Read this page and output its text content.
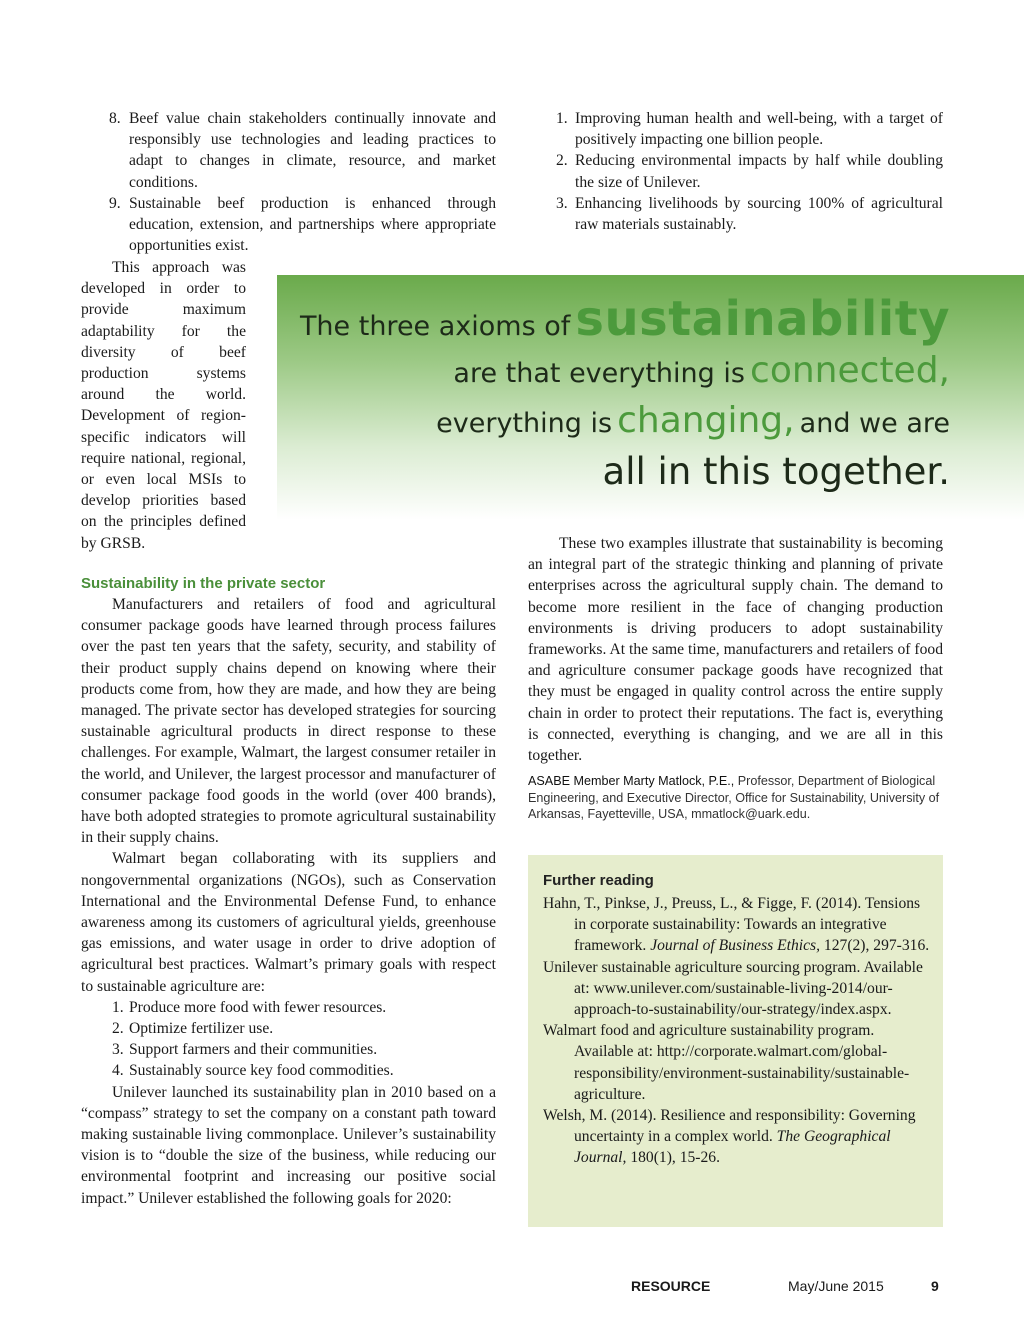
8. Beef value chain stakeholders continually innovate and responsibly use technologies and leading practices to adapt to changes in climate, resource, and market conditions.
9. Sustainable beef production is enhanced through education, extension, and partnerships where appropriate opportunities exist.

This approach was developed in order to provide maximum adaptability for the diversity of beef production systems around the world. Development of region-specific indicators will require national, regional, or even local MSIs to develop priorities based on the principles defined by GRSB.

Sustainability in the private sector

Manufacturers and retailers of food and agricultural consumer package goods have learned through process failures over the past ten years that the safety, security, and stability of their product supply chains depend on knowing where their products come from, how they are made, and how they are being managed. The private sector has developed strategies for sourcing sustainable agricultural products in direct response to these challenges. For example, Walmart, the largest consumer retailer in the world, and Unilever, the largest processor and manufacturer of consumer package food goods in the world (over 400 brands), have both adopted strategies to promote agricultural sustainability in their supply chains.

Walmart began collaborating with its suppliers and nongovernmental organizations (NGOs), such as Conservation International and the Environmental Defense Fund, to enhance awareness among its customers of agricultural yields, greenhouse gas emissions, and water usage in order to drive adoption of agricultural best practices. Walmart’s primary goals with respect to sustainable agriculture are:

1. Produce more food with fewer resources.
2. Optimize fertilizer use.
3. Support farmers and their communities.
4. Sustainably source key food commodities.

Unilever launched its sustainability plan in 2010 based on a “compass” strategy to set the company on a constant path toward making sustainable living commonplace. Unilever’s sustainability vision is to “double the size of the business, while reducing our environmental footprint and increasing our positive social impact.” Unilever established the following goals for 2020:

1. Improving human health and well-being, with a target of positively impacting one billion people.
2. Reducing environmental impacts by half while doubling the size of Unilever.
3. Enhancing livelihoods by sourcing 100% of agricultural raw materials sustainably.
The three axioms of sustainability
are that everything is connected,
everything is changing, and we are
all in this together.

These two examples illustrate that sustainability is becoming an integral part of the strategic thinking and planning of private enterprises across the agricultural supply chain. The demand to become more resilient in the face of changing production environments is driving producers to adopt sustainability frameworks. At the same time, manufacturers and retailers of food and agriculture consumer package goods have recognized that they must be engaged in quality control across the entire supply chain in order to protect their reputations. The fact is, everything is connected, everything is changing, and we are all in this together.

ASABE Member Marty Matlock, P.E., Professor, Department of Biological Engineering, and Executive Director, Office for Sustainability, University of Arkansas, Fayetteville, USA, mmatlock@uark.edu.

Further reading
Hahn, T., Pinkse, J., Preuss, L., & Figge, F. (2014). Tensions in corporate sustainability: Towards an integrative framework. Journal of Business Ethics, 127(2), 297-316.
Unilever sustainable agriculture sourcing program. Available at: www.unilever.com/sustainable-living-2014/our-approach-to-sustainability/our-strategy/index.aspx.
Walmart food and agriculture sustainability program. Available at: http://corporate.walmart.com/global-responsibility/environment-sustainability/sustainable-agriculture.
Welsh, M. (2014). Resilience and responsibility: Governing uncertainty in a complex world. The Geographical Journal, 180(1), 15-26.
RESOURCE	May/June 2015	9
